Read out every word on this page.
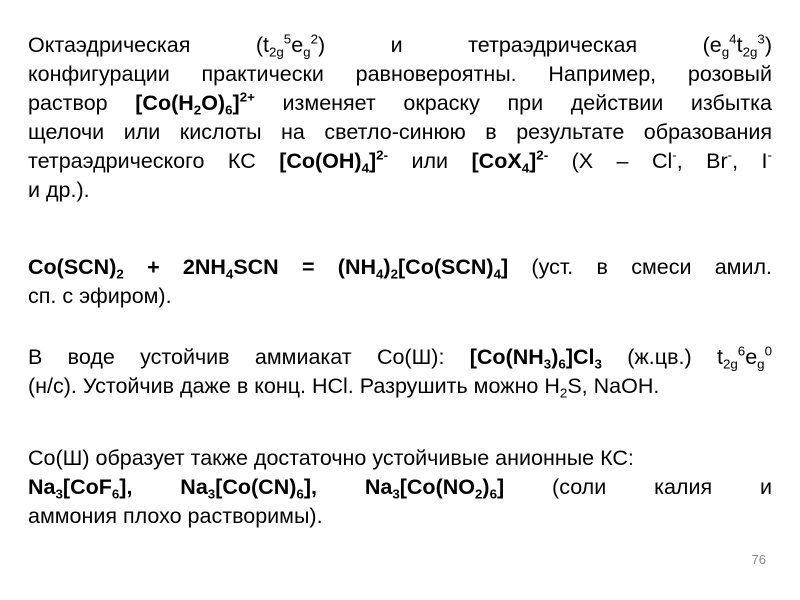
Октаэдрическая	$(t_{2g}^5e_g^2)$	и	тетраэдрическая	$(e_g^4t_{2g}^3)$
конфигурации практически равновероятны. Например, розовый
раствор $[Co(H_2O)_6]^{2+}$ изменяет окраску при действии избытка
щелочи или кислоты на светло-синюю в результате образования
тетраэдрического КС $[Co(OH)_4]^{2-}$ или $[CoX_4]^{2-}$ (X – Cl-, Br-, I-
и др.).
$Co(SCN)_2 + 2NH_4SCN = (NH_4)_2[Co(SCN)_4]$ (уст. в смеси амил.
сп. с эфиром).
В воде устойчив аммиакат Co(Ш): $[Co(NH_3)_6]Cl_3$ (ж.цв.) $t_{2g}^6e_g^0$
(н/с). Устойчив даже в конц. HCl. Разрушить можно $H_2S$, NaOH.
Co(Ш) образует также достаточно устойчивые анионные КС:
$Na_3[CoF_6]$, $Na_3[Co(CN)_6]$, $Na_3[Co(NO_2)_6]$ (соли калия и
аммония плохо растворимы).
76
